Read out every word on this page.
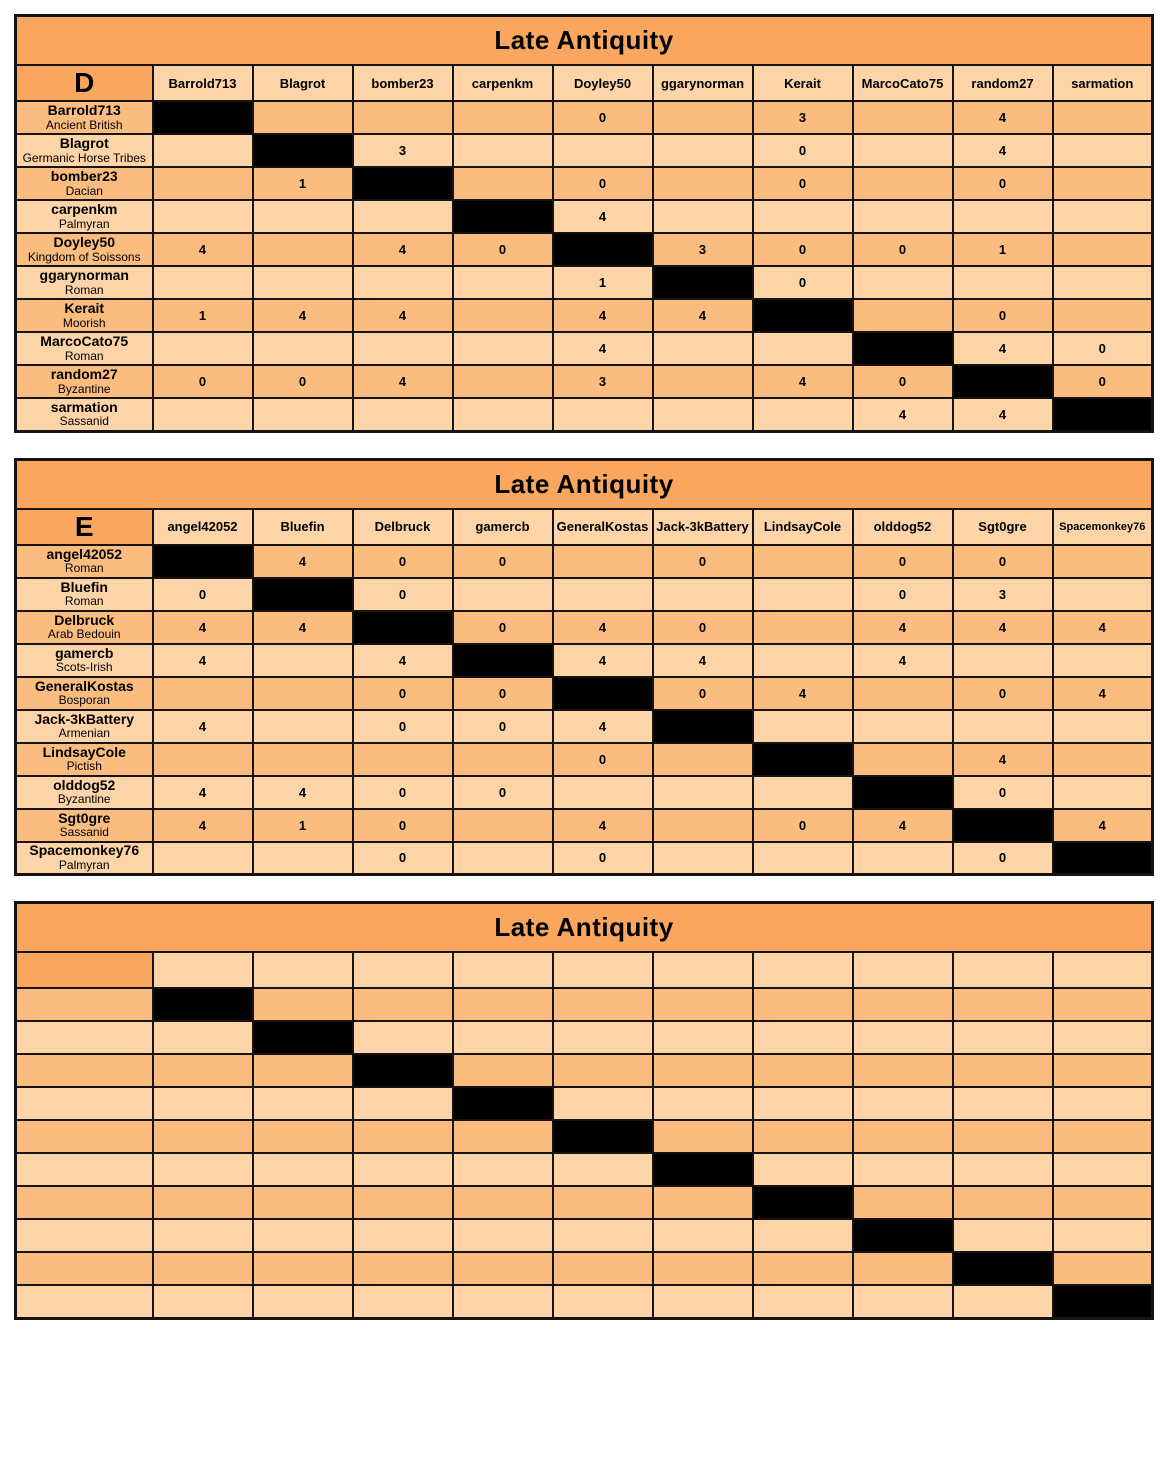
Late Antiquity										
D	Barrold713	Blagrot	bomber23	carpenkm	Doyley50	ggarynorman	Kerait	MarcoCato75	random27	sarmation

Barrold713
Ancient British					0		3		4	

Blagrot
Germanic Horse Tribes			3				0		4	

bomber23
Dacian		1			0		0		0	

carpenkm
Palmyran					4					

Doyley50
Kingdom of Soissons	4		4	0		3	0	0	1	

ggarynorman
Roman					1		0			

Kerait
Moorish	1	4	4		4	4			0	

MarcoCato75
Roman					4				4	0

random27
Byzantine	0	0	4		3		4	0		0

sarmation
Sassanid								4	4	
Late Antiquity										
E	angel42052	Bluefin	Delbruck	gamercb	GeneralKostas	Jack-3kBattery	LindsayCole	olddog52	Sgt0gre	Spacemonkey76

angel42052
Roman		4	0	0		0		0	0	

Bluefin
Roman	0		0					0	3	

Delbruck
Arab Bedouin	4	4		0	4	0		4	4	4

gamercb
Scots-Irish	4		4		4	4		4		

GeneralKostas
Bosporan			0	0		0	4		0	4

Jack-3kBattery
Armenian	4		0	0	4					

LindsayCole
Pictish					0				4	

olddog52
Byzantine	4	4	0	0					0	

Sgt0gre
Sassanid	4	1	0		4		0	4		4

Spacemonkey76
Palmyran			0		0				0	
Late Antiquity										
